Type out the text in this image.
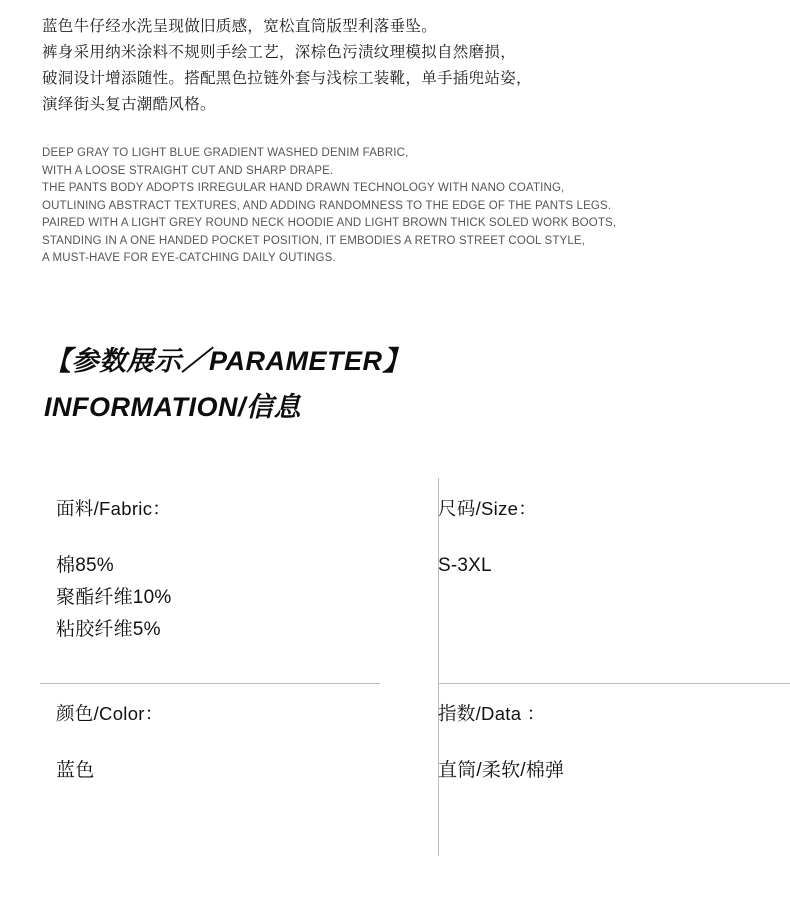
蓝色牛仔经水洗呈现做旧质感，宽松直筒版型利落垂坠。

裤身采用纳米涂料不规则手绘工艺，深棕色污渍纹理模拟自然磨损，

破洞设计增添随性。搭配黑色拉链外套与浅棕工装靴，单手插兜站姿，

演绎街头复古潮酷风格。

DEEP GRAY TO LIGHT BLUE GRADIENT WASHED DENIM FABRIC,

WITH A LOOSE STRAIGHT CUT AND SHARP DRAPE.

THE PANTS BODY ADOPTS IRREGULAR HAND DRAWN TECHNOLOGY WITH NANO COATING,

OUTLINING ABSTRACT TEXTURES, AND ADDING RANDOMNESS TO THE EDGE OF THE PANTS LEGS.

PAIRED WITH A LIGHT GREY ROUND NECK HOODIE AND LIGHT BROWN THICK SOLED WORK BOOTS,

STANDING IN A ONE HANDED POCKET POSITION, IT EMBODIES A RETRO STREET COOL STYLE,

A MUST-HAVE FOR EYE-CATCHING DAILY OUTINGS.

【参数展示／PARAMETER】

INFORMATION/信息

面料/Fabric：

棉85%

聚酯纤维10%

粘胶纤维5%

尺码/Size：

S-3XL

颜色/Color：

蓝色

指数/Data ：

直筒/柔软/棉弹
